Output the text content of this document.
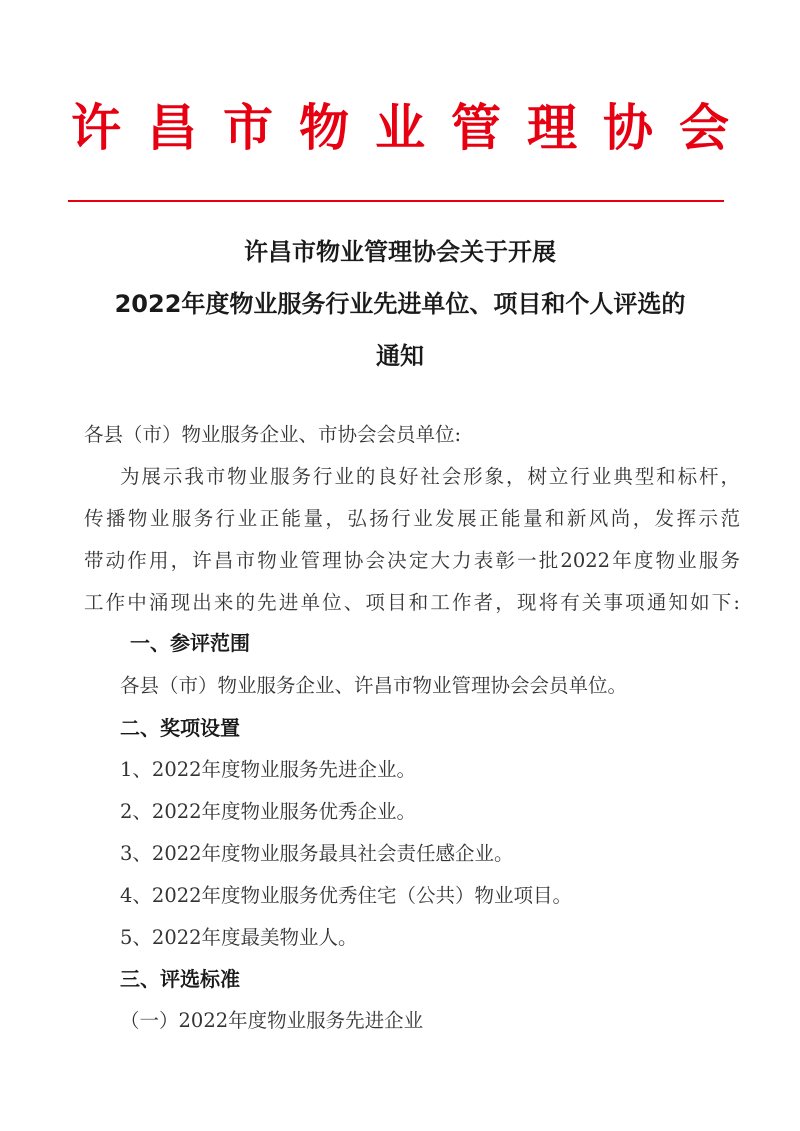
许昌市物业管理协会
许昌市物业管理协会关于开展
2022年度物业服务行业先进单位、项目和个人评选的
通知
各县（市）物业服务企业、市协会会员单位:
为展示我市物业服务行业的良好社会形象，树立行业典型和标杆，
传播物业服务行业正能量，弘扬行业发展正能量和新风尚，发挥示范
带动作用，许昌市物业管理协会决定大力表彰一批2022年度物业服务
工作中涌现出来的先进单位、项目和工作者，现将有关事项通知如下:
一、参评范围
各县（市）物业服务企业、许昌市物业管理协会会员单位。
二、奖项设置
1、2022年度物业服务先进企业。
2、2022年度物业服务优秀企业。
3、2022年度物业服务最具社会责任感企业。
4、2022年度物业服务优秀住宅（公共）物业项目。
5、2022年度最美物业人。
三、评选标准
（一）2022年度物业服务先进企业
